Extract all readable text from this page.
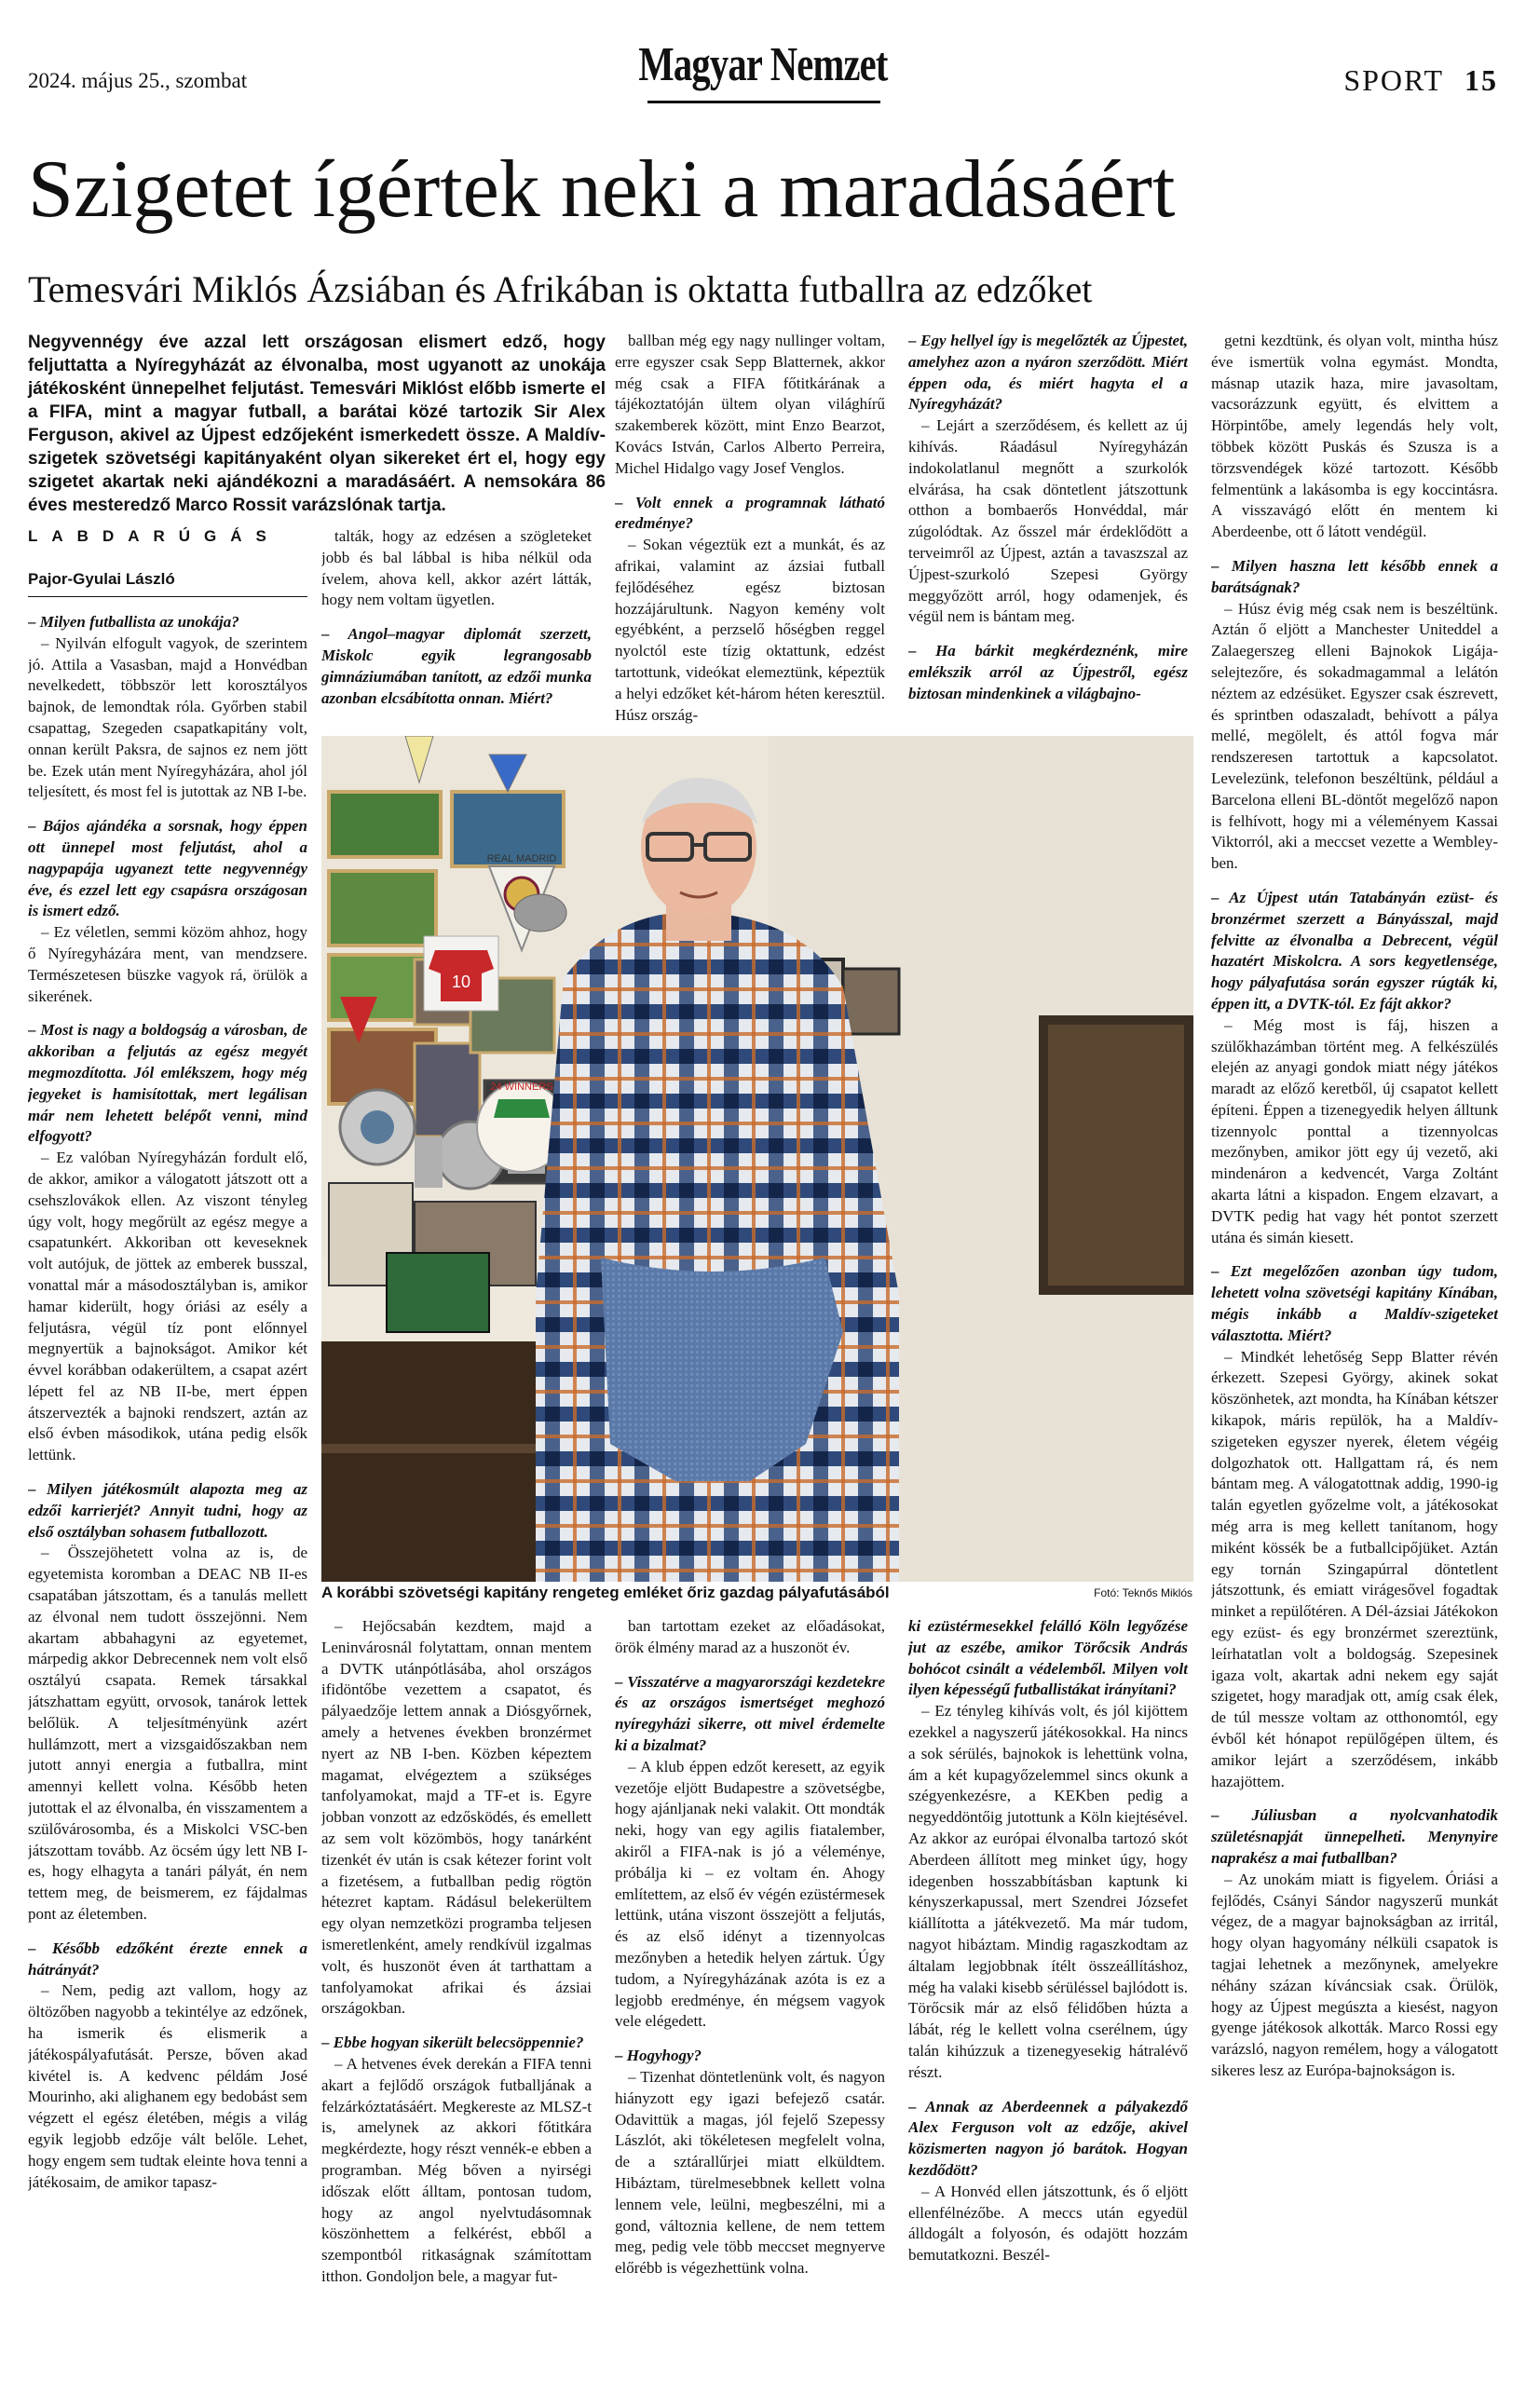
2024. május 25., szombat	Magyar Nemzet	SPORT 15
Szigetet ígértek neki a maradásáért
Temesvári Miklós Ázsiában és Afrikában is oktatta futballra az edzőket
Negyvennégy éve azzal lett országosan elismert edző, hogy feljuttatta a Nyíregyházát az élvonalba, most ugyanott az unokája játékosként ünnepelhet feljutást. Temesvári Miklóst előbb ismerte el a FIFA, mint a magyar futball, a barátai közé tartozik Sir Alex Ferguson, akivel az Újpest edzőjeként ismerkedett össze. A Maldív-szigetek szövetségi kapitányaként olyan sikereket ért el, hogy egy szigetet akartak neki ajándékozni a maradásáért. A nemsokára 86 éves mesteredző Marco Rossit varázslónak tartja.
LABDARÚGÁS
Pajor-Gyulai László

– Milyen futballista az unokája?

– Nyilván elfogult vagyok, de szerintem jó. Attila a Vasasban, majd a Honvédban nevelkedett, többször lett korosztályos bajnok, de lemondtak róla. Győrben stabil csapattag, Szegeden csapatkapitány volt, onnan került Paksra, de sajnos ez nem jött be. Ezek után ment Nyíregyházára, ahol jól teljesített, és most fel is jutottak az NB I-be.

– Bájos ajándéka a sorsnak, hogy éppen ott ünnepel most feljutást, ahol a nagypapája ugyanezt tette negyvennégy éve, és ezzel lett egy csapásra országosan is ismert edző.

– Ez véletlen, semmi közöm ahhoz, hogy ő Nyíregyházára ment, van mendzsere. Természetesen büszke vagyok rá, örülök a sikerének.

– Most is nagy a boldogság a városban, de akkoriban a feljutás az egész megyét megmozdította. Jól emlékszem, hogy még jegyeket is hamisítottak, mert legálisan már nem lehetett belépőt venni, mind elfogyott?

– Ez valóban Nyíregyházán fordult elő, de akkor, amikor a válogatott játszott ott a csehszlovákok ellen. Az viszont tényleg úgy volt, hogy megőrült az egész megye a csapatunkért. Akkoriban ott keveseknek volt autójuk, de jöttek az emberek busszal, vonattal már a másodosztályban is, amikor hamar kiderült, hogy óriási az esély a feljutásra, végül tíz pont előnnyel megnyertük a bajnokságot. Amikor két évvel korábban odakerültem, a csapat azért lépett fel az NB II-be, mert éppen átszervezték a bajnoki rendszert, aztán az első évben másodikok, utána pedig elsők lettünk.

– Milyen játékosmúlt alapozta meg az edzői karrierjét? Annyit tudni, hogy az első osztályban sohasem futballozott.

– Összejöhetett volna az is, de egyetemista koromban a DEAC NB II-es csapatában játszottam, és a tanulás mellett az élvonal nem tudott összejönni. Nem akartam abbahagyni az egyetemet, márpedig akkor Debrecennek nem volt első osztályú csapata. Remek társakkal játszhattam együtt, orvosok, tanárok lettek belőlük. A teljesítményünk azért hullámzott, mert a vizsgaidőszakban nem jutott annyi energia a futballra, mint amennyi kellett volna. Később heten jutottak el az élvonalba, én visszamentem a szülővárosomba, és a Miskolci VSC-ben játszottam tovább. Az öcsém úgy lett NB I-es, hogy elhagyta a tanári pályát, én nem tettem meg, de beismerem, ez fájdalmas pont az életemben.

– Később edzőként érezte ennek a hátrányát?

– Nem, pedig azt vallom, hogy az öltözőben nagyobb a tekintélye az edzőnek, ha ismerik és elismerik a játékospályafutását. Persze, bőven akad kivétel is. A kedvenc példám José Mourinho, aki alighanem egy bedobást sem végzett el egész életében, mégis a világ egyik legjobb edzője vált belőle. Lehet, hogy engem sem tudtak eleinte hova tenni a játékosaim, de amikor tapasz-

talták, hogy az edzésen a szögleteket jobb és bal lábbal is hiba nélkül oda ívelem, ahova kell, akkor azért látták, hogy nem voltam ügyetlen.

– Angol–magyar diplomát szerzett, Miskolc egyik legrangosabb gimnáziumában tanított, az edzői munka azonban elcsábította onnan. Miért?

ballban még egy nagy nullinger voltam, erre egyszer csak Sepp Blatternek, akkor még csak a FIFA főtitkárának a tájékoztatóján ültem olyan világhírű szakemberek között, mint Enzo Bearzot, Kovács István, Carlos Alberto Perreira, Michel Hidalgo vagy Josef Venglos.

– Volt ennek a programnak látható eredménye?

– Sokan végeztük ezt a munkát, és az afrikai, valamint az ázsiai futball fejlődéséhez egész biztosan hozzájárultunk. Nagyon kemény volt egyébként, a perzselő hőségben reggel nyolctól este tízig oktattunk, edzést tartottunk, videókat elemeztünk, képeztük a helyi edzőket két-három héten keresztül. Húsz ország-

– Egy hellyel így is megelőzték az Újpestet, amelyhez azon a nyáron szerződött. Miért éppen oda, és miért hagyta el a Nyíregyházát?

– Lejárt a szerződésem, és kellett az új kihívás. Ráadásul Nyíregyházán indokolatlanul megnőtt a szurkolók elvárása, ha csak döntetlent játszottunk otthon a bombaerős Honvéddal, már zúgolódtak. Az ősszel már érdeklődött a terveimről az Újpest, aztán a tavaszszal az Újpest-szurkoló Szepesi György meggyőzött arról, hogy odamenjek, és végül nem is bántam meg.

– Ha bárkit megkérdeznénk, mire emlékszik arról az Újpestről, egész biztosan mindenkinek a világbajno-

getni kezdtünk, és olyan volt, mintha húsz éve ismertük volna egymást. Mondta, másnap utazik haza, mire javasoltam, vacsorázzunk együtt, és elvittem a Hörpintőbe, amely legendás hely volt, többek között Puskás és Szusza is a törzsvendégek közé tartozott. Később felmentünk a lakásomba is egy koccintásra. A visszavágó előtt én mentem ki Aberdeenbe, ott ő látott vendégül.

– Milyen haszna lett később ennek a barátságnak?

– Húsz évig még csak nem is beszéltünk. Aztán ő eljött a Manchester Uniteddel a Zalaegerszeg elleni Bajnokok Ligája-selejtezőre, és sokadmagammal a lelátón néztem az edzésüket. Egyszer csak észrevett, és sprintben odaszaladt, behívott a pálya mellé, megölelt, és attól fogva már rendszeresen tartottuk a kapcsolatot. Levelezünk, telefonon beszéltünk, például a Barcelona elleni BL-döntőt megelőző napon is felhívott, hogy mi a véleményem Kassai Viktorról, aki a meccset vezette a Wembley-ben.

– Az Újpest után Tatabányán ezüst- és bronzérmet szerzett a Bányásszal, majd felvitte az élvonalba a Debrecent, végül hazatért Miskolcra. A sors kegyetlensége, hogy pályafutása során egyszer rúgták ki, éppen itt, a DVTK-tól. Ez fájt akkor?

– Még most is fáj, hiszen a szülőkhazámban történt meg. A felkészülés elején az anyagi gondok miatt négy játékos maradt az előző keretből, új csapatot kellett építeni. Éppen a tizenegyedik helyen álltunk tizennyolc ponttal a tizennyolcas mezőnyben, amikor jött egy új vezető, aki mindenáron a kedvencét, Varga Zoltánt akarta látni a kispadon. Engem elzavart, a DVTK pedig hat vagy hét pontot szerzett utána és simán kiesett.

– Ezt megelőzően azonban úgy tudom, lehetett volna szövetségi kapitány Kínában, mégis inkább a Maldív-szigeteket választotta. Miért?

– Mindkét lehetőség Sepp Blatter révén érkezett. Szepesi György, akinek sokat köszönhetek, azt mondta, ha Kínában kétszer kikapok, máris repülök, ha a Maldív-szigeteken egyszer nyerek, életem végéig dolgozhatok ott. Hallgattam rá, és nem bántam meg. A válogatottnak addig, 1990-ig talán egyetlen győzelme volt, a játékosokat még arra is meg kellett tanítanom, hogy miként kössék be a futballcipőjüket. Aztán egy tornán Szingapúrral döntetlent játszottunk, és emiatt virágesővel fogadtak minket a repülőtéren. A Dél-ázsiai Játékokon egy ezüst- és egy bronzérmet szereztünk, leírhatatlan volt a boldogság. Szepesinek igaza volt, akartak adni nekem egy saját szigetet, hogy maradjak ott, amíg csak élek, de túl messze voltam az otthonomtól, egy évből két hónapot repülőgépen ültem, és amikor lejárt a szerződésem, inkább hazajöttem.

– Júliusban a nyolcvanhatodik születésnapját ünnepelheti. Menynyire naprakész a mai futballban?

– Az unokám miatt is figyelem. Óriási a fejlődés, Csányi Sándor nagyszerű munkát végez, de a magyar bajnokságban az irritál, hogy olyan hagyomány nélküli csapatok is tagjai lehetnek a mezőnynek, amelyekre néhány százan kíváncsiak csak. Örülök, hogy az Újpest megúszta a kiesést, nagyon gyenge játékosok alkották. Marco Rossi egy varázsló, nagyon remélem, hogy a válogatott sikeres lesz az Európa-bajnokságon is.

– Hejőcsabán kezdtem, majd a Leninvárosnál folytattam, onnan mentem a DVTK utánpótlásába, ahol országos ifidöntőbe vezettem a csapatot, és pályaedzője lettem annak a Diósgyőrnek, amely a hetvenes években bronzérmet nyert az NB I-ben. Közben képeztem magamat, elvégeztem a szükséges tanfolyamokat, majd a TF-et is. Egyre jobban vonzott az edzősködés, és emellett az sem volt közömbös, hogy tanárként tizenkét év után is csak kétezer forint volt a fizetésem, a futballban pedig rögtön hétezret kaptam. Rádásul belekerültem egy olyan nemzetközi programba teljesen ismeretlenként, amely rendkívül izgalmas volt, és huszonöt éven át tarthattam a tanfolyamokat afrikai és ázsiai országokban.

– Ebbe hogyan sikerült belecsöppennie?

– A hetvenes évek derekán a FIFA tenni akart a fejlődő országok futballjának a felzárkóztatásáért. Megkereste az MLSZ-t is, amelynek az akkori főtitkára megkérdezte, hogy részt vennék-e ebben a programban. Még bőven a nyirségi időszak előtt álltam, pontosan tudom, hogy az angol nyelvtudásomnak köszönhettem a felkérést, ebből a szempontból ritkaságnak számítottam itthon. Gondoljon bele, a magyar fut-

ban tartottam ezeket az előadásokat, örök élmény marad az a huszonöt év.

– Visszatérve a magyarországi kezdetekre és az országos ismertséget meghozó nyíregyházi sikerre, ott mivel érdemelte ki a bizalmat?

– A klub éppen edzőt keresett, az egyik vezetője eljött Budapestre a szövetségbe, hogy ajánljanak neki valakit. Ott mondták neki, hogy van egy agilis fiatalember, akiről a FIFA-nak is jó a véleménye, próbálja ki – ez voltam én. Ahogy említettem, az első év végén ezüstérmesek lettünk, utána viszont összejött a feljutás, és az első idényt a tizennyolcas mezőnyben a hetedik helyen zártuk. Úgy tudom, a Nyíregyházának azóta is ez a legjobb eredménye, én mégsem vagyok vele elégedett.

– Hogyhogy?

– Tizenhat döntetlenünk volt, és nagyon hiányzott egy igazi befejező csatár. Odavittük a magas, jól fejelő Szepessy Lászlót, aki tökéletesen megfelelt volna, de a sztárallűrjei miatt elküldtem. Hibáztam, türelmesebbnek kellett volna lennem vele, leülni, megbeszélni, mi a gond, változnia kellene, de nem tettem meg, pedig vele több meccset megnyerve előrébb is végezhettünk volna.

ki ezüstérmesekkel felálló Köln legyőzése jut az eszébe, amikor Törőcsik András bohócot csinált a védelemből. Milyen volt ilyen képességű futballistákat irányítani?

– Ez tényleg kihívás volt, és jól kijöttem ezekkel a nagyszerű játékosokkal. Ha nincs a sok sérülés, bajnokok is lehettünk volna, ám a két kupagyőzelemmel sincs okunk a szégyenkezésre, a KEKben pedig a negyeddöntőig jutottunk a Köln kiejtésével. Az akkor az európai élvonalba tartozó skót Aberdeen állított meg minket úgy, hogy idegenben hosszabbításban kaptunk ki kényszerkapussal, mert Szendrei Józsefet kiállította a játékvezető. Ma már tudom, nagyot hibáztam. Mindig ragaszkodtam az általam legjobbnak ítélt összeállításhoz, még ha valaki kisebb sérüléssel bajlódott is. Törőcsik már az első félidőben húzta a lábát, rég le kellett volna cserélnem, úgy talán kihúzzuk a tizenegyesekig hátralévő részt.

– Annak az Aberdeennek a pályakezdő Alex Ferguson volt az edzője, akivel közismerten nagyon jó barátok. Hogyan kezdődött?

– A Honvéd ellen játszottunk, és ő eljött ellenfélnézőbe. A meccs után egyedül álldogált a folyosón, és odajött hozzám bemutatkozni. Beszél-

REAL MADRID
10
24 WINNERS
A korábbi szövetségi kapitány rengeteg emléket őriz gazdag pályafutásából	Fotó: Teknős Miklós
